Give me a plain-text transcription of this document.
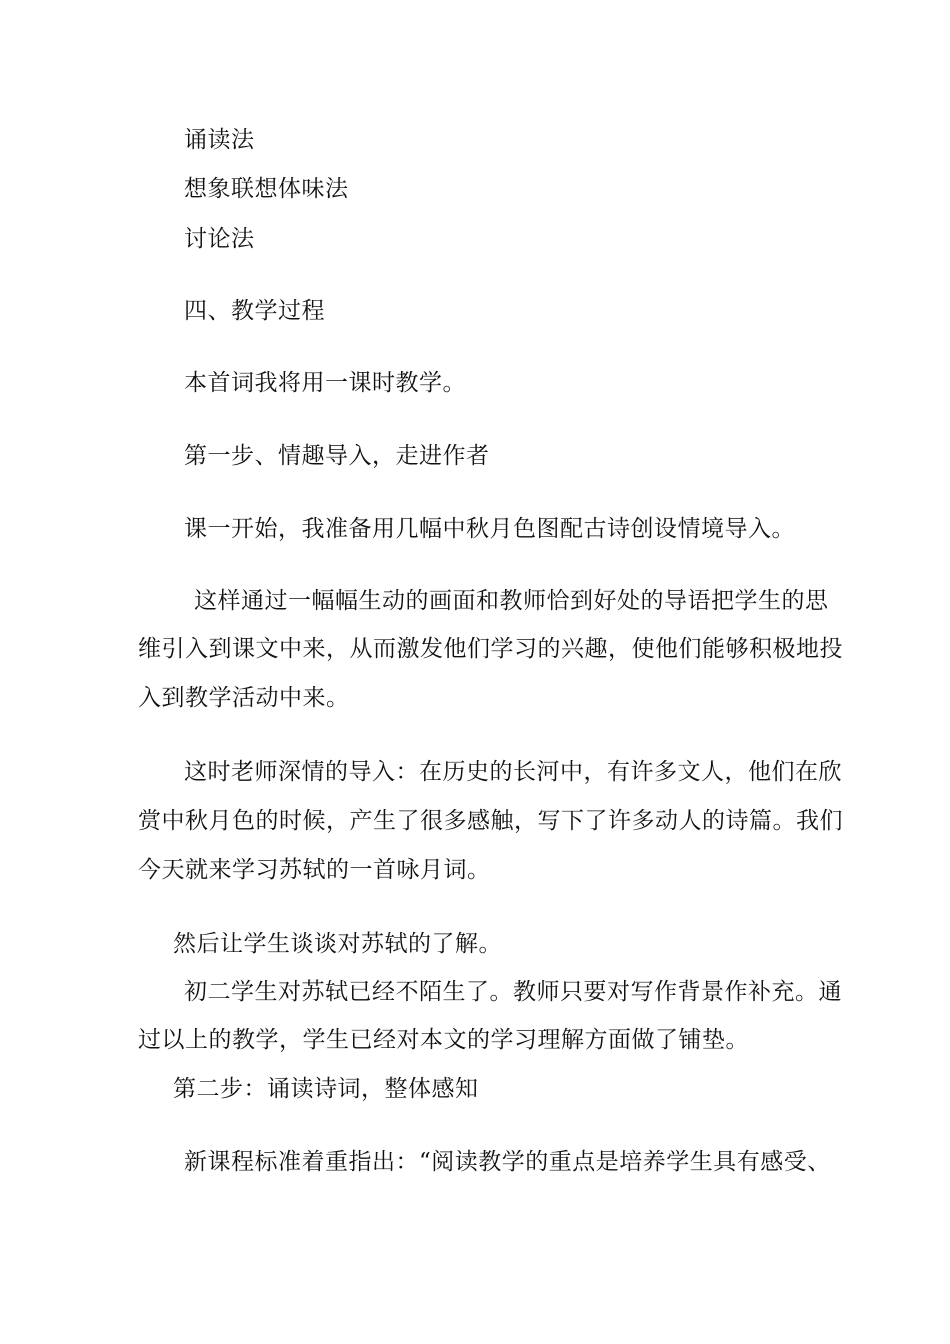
诵读法

想象联想体味法

讨论法

四、教学过程

本首词我将用一课时教学。

第一步、情趣导入，走进作者

课一开始，我准备用几幅中秋月色图配古诗创设情境导入。

这样通过一幅幅生动的画面和教师恰到好处的导语把学生的思

维引入到课文中来，从而激发他们学习的兴趣，使他们能够积极地投

入到教学活动中来。

这时老师深情的导入：在历史的长河中，有许多文人，他们在欣

赏中秋月色的时候，产生了很多感触，写下了许多动人的诗篇。我们

今天就来学习苏轼的一首咏月词。

然后让学生谈谈对苏轼的了解。

初二学生对苏轼已经不陌生了。教师只要对写作背景作补充。通

过以上的教学，学生已经对本文的学习理解方面做了铺垫。

第二步：诵读诗词，整体感知

新课程标准着重指出：“阅读教学的重点是培养学生具有感受、
